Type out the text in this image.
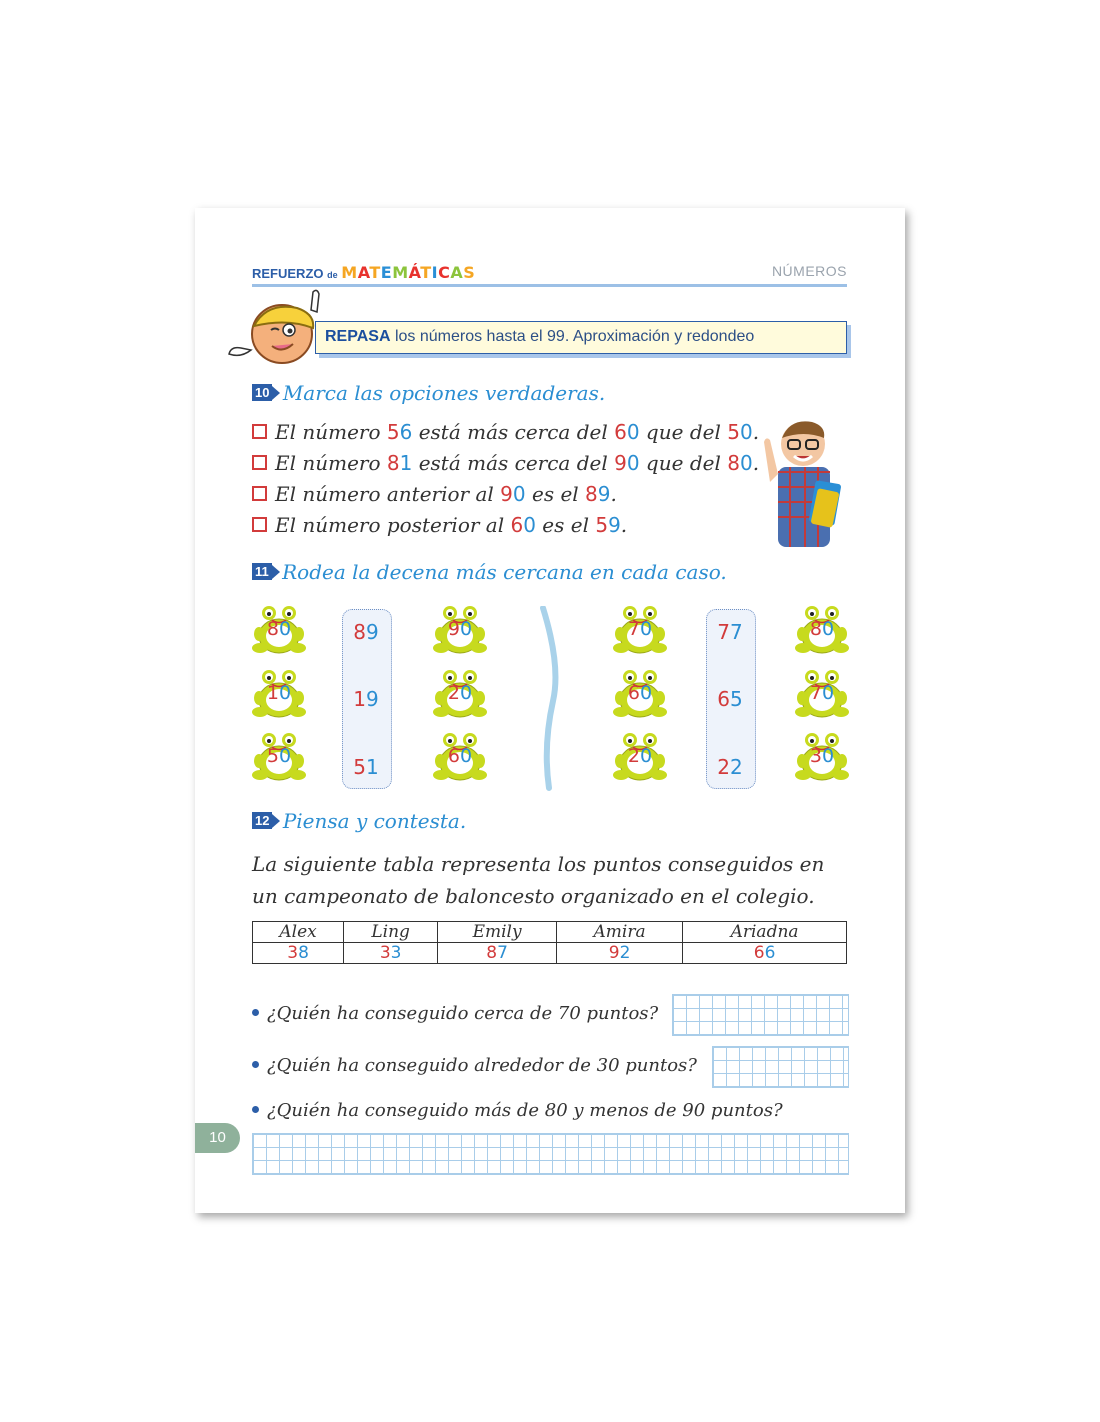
REFUERZO de MATEMÁTICAS	NÚMEROS
REPASA los números hasta el 99. Aproximación y redondeo
10 Marca las opciones verdaderas.
El número 56 está más cerca del 60 que del 50.
El número 81 está más cerca del 90 que del 80.
El número anterior al 90 es el 89.
El número posterior al 60 es el 59.
11 Rodea la decena más cercana en cada caso.
80
10
50
89
19
51
90
20
60
70
60
20
77
65
22
80
70
30
12 Piensa y contesta.
La siguiente tabla representa los puntos conseguidos en un campeonato de baloncesto organizado en el colegio.
Alex	Ling	Emily	Amira	Ariadna
38	33	87	92	66
¿Quién ha conseguido cerca de 70 puntos?
¿Quién ha conseguido alrededor de 30 puntos?
¿Quién ha conseguido más de 80 y menos de 90 puntos?
10
